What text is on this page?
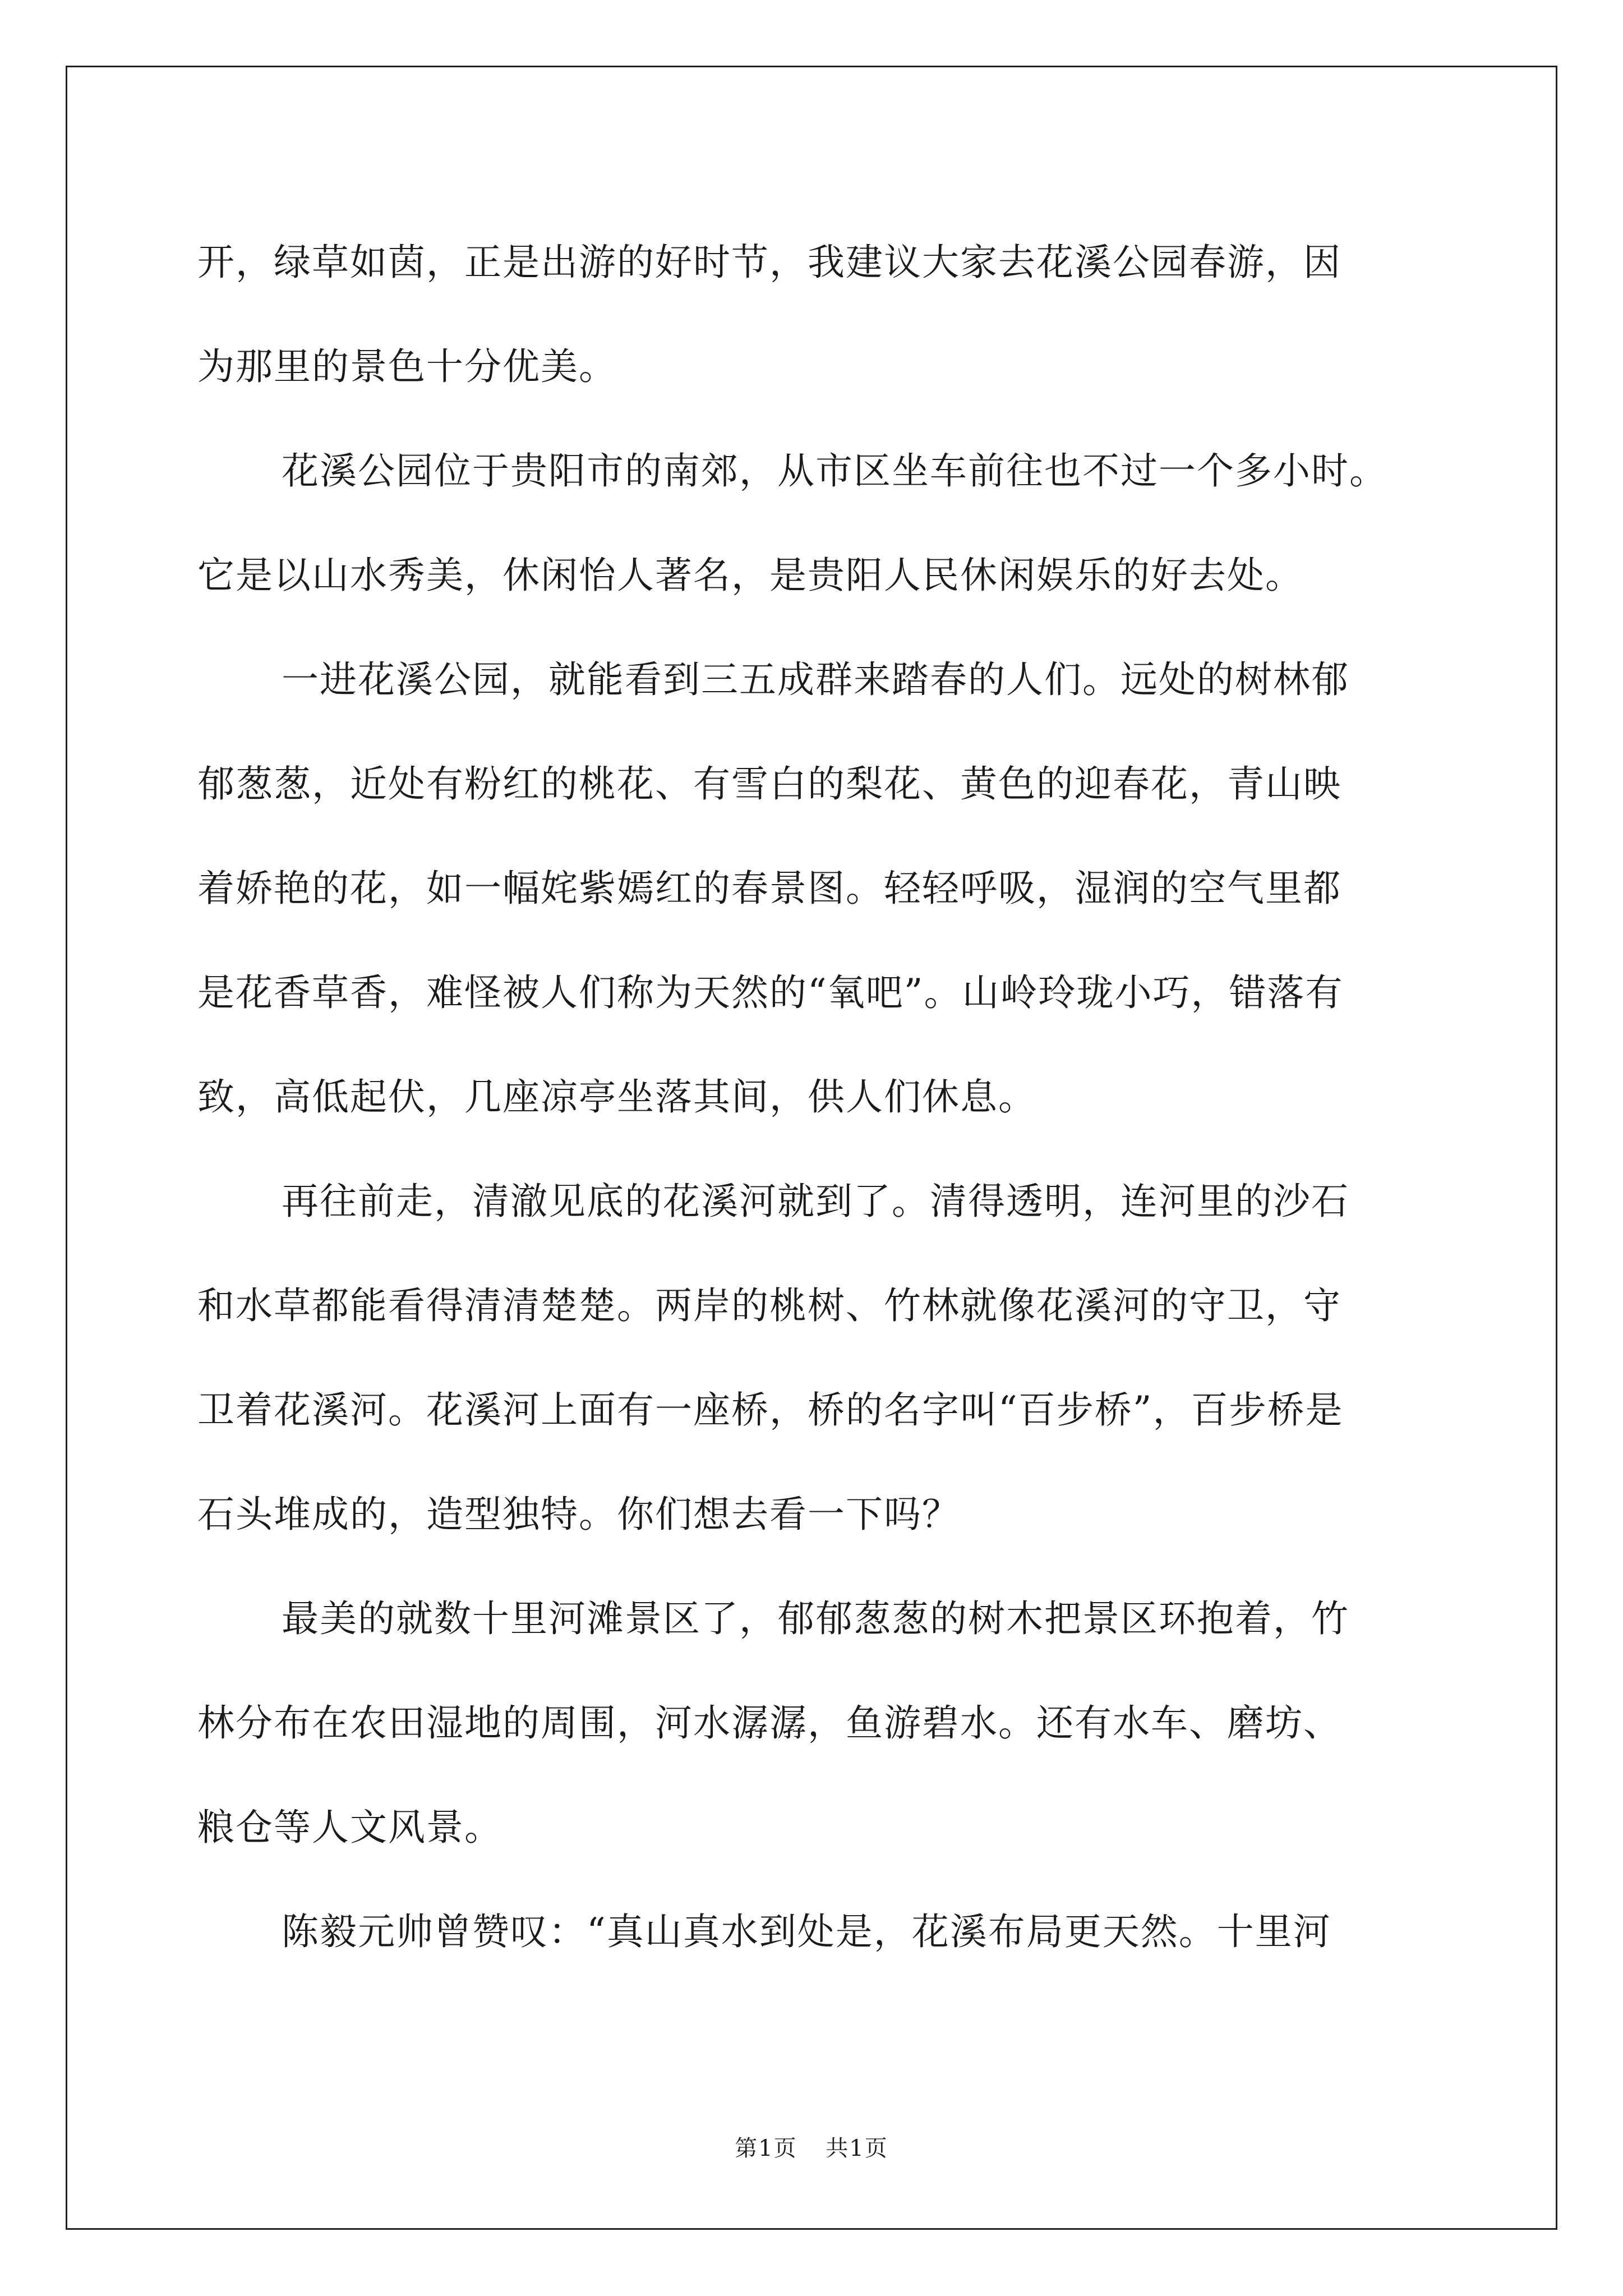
开，绿草如茵，正是出游的好时节，我建议大家去花溪公园春游，因
为那里的景色十分优美。
花溪公园位于贵阳市的南郊，从市区坐车前往也不过一个多小时。
它是以山水秀美，休闲怡人著名，是贵阳人民休闲娱乐的好去处。
一进花溪公园，就能看到三五成群来踏春的人们。远处的树林郁
郁葱葱，近处有粉红的桃花、有雪白的梨花、黄色的迎春花，青山映
着娇艳的花，如一幅姹紫嫣红的春景图。轻轻呼吸，湿润的空气里都
是花香草香，难怪被人们称为天然的“氧吧”。山岭玲珑小巧，错落有
致，高低起伏，几座凉亭坐落其间，供人们休息。
再往前走，清澈见底的花溪河就到了。清得透明，连河里的沙石
和水草都能看得清清楚楚。两岸的桃树、竹林就像花溪河的守卫，守
卫着花溪河。花溪河上面有一座桥，桥的名字叫“百步桥”，百步桥是
石头堆成的，造型独特。你们想去看一下吗？
最美的就数十里河滩景区了，郁郁葱葱的树木把景区环抱着，竹
林分布在农田湿地的周围，河水潺潺，鱼游碧水。还有水车、磨坊、
粮仓等人文风景。
陈毅元帅曾赞叹：“真山真水到处是，花溪布局更天然。十里河
第1页 共1页
